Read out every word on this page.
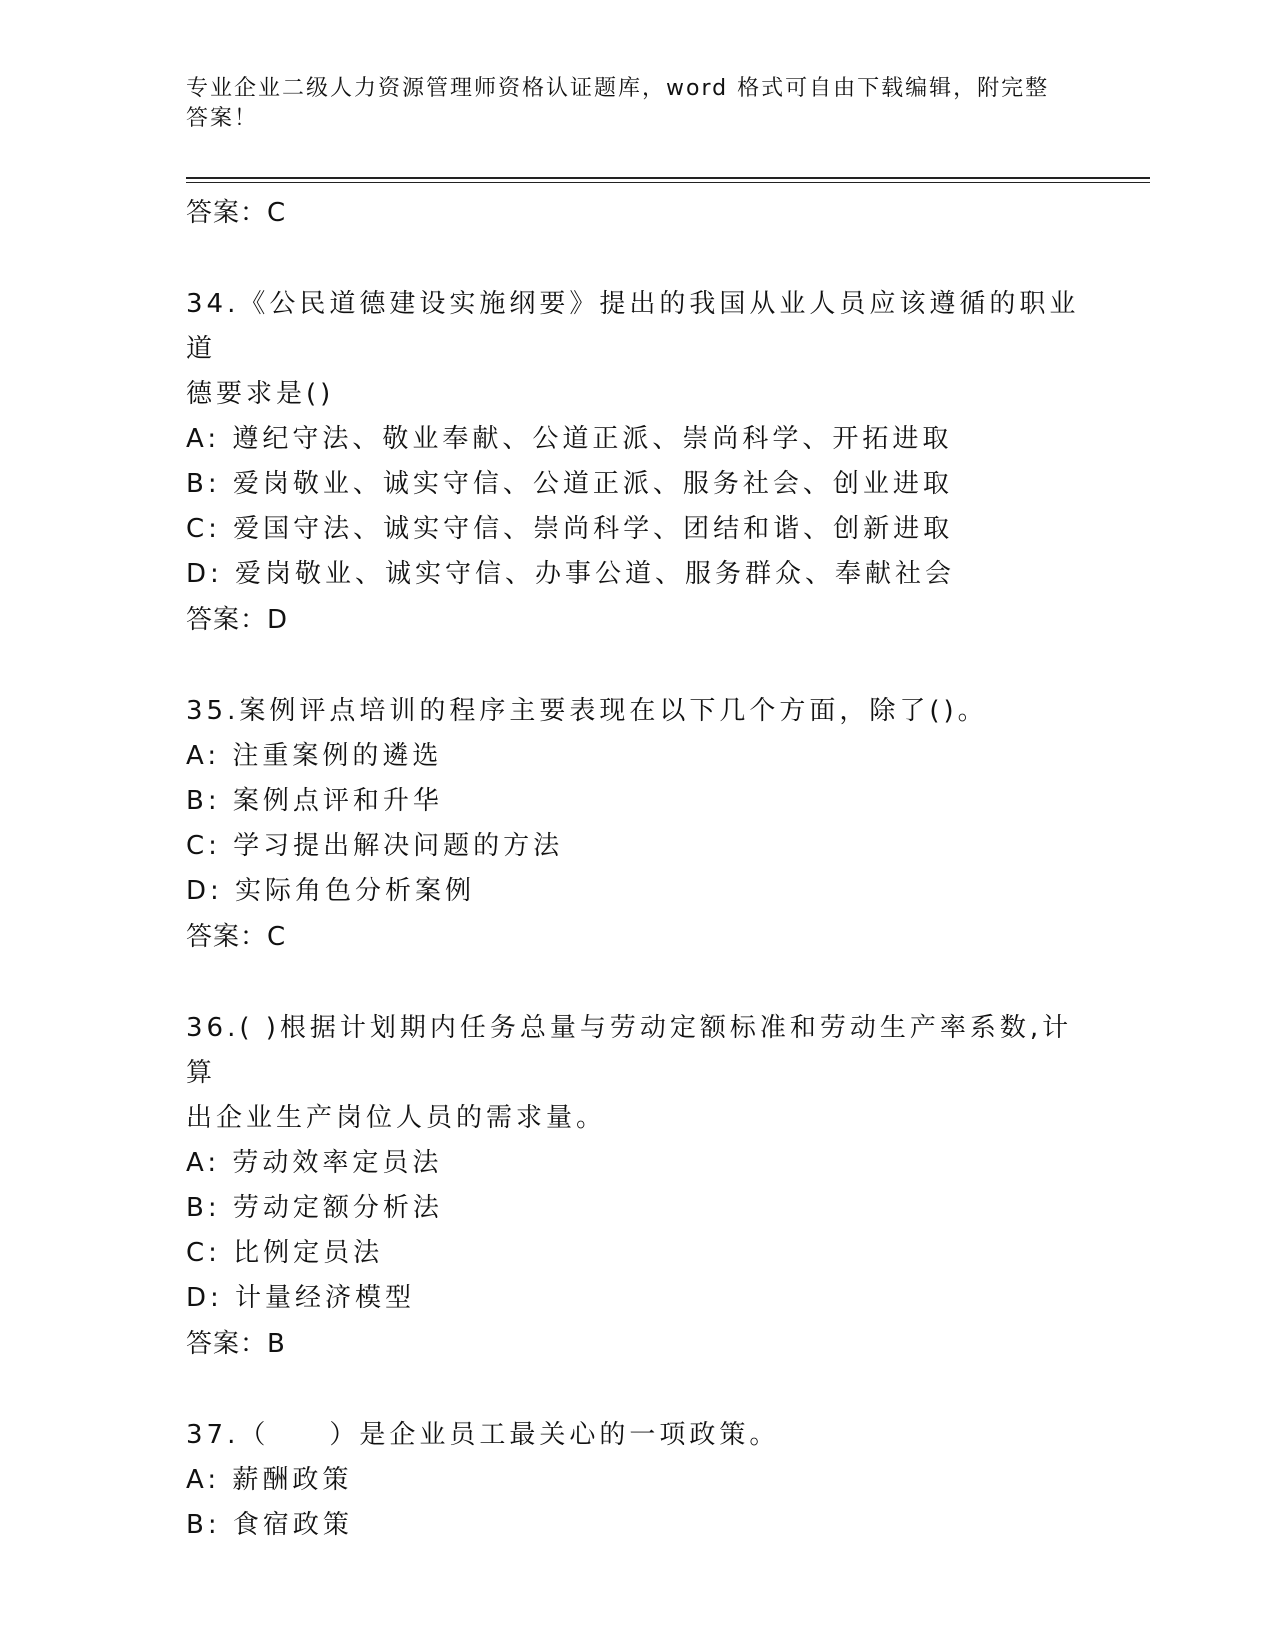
专业企业二级人力资源管理师资格认证题库，word 格式可自由下载编辑，附完整
答案！
答案：C
34.《公民道德建设实施纲要》提出的我国从业人员应该遵循的职业道
德要求是()
A: 遵纪守法、敬业奉献、公道正派、崇尚科学、开拓进取
B: 爱岗敬业、诚实守信、公道正派、服务社会、创业进取
C: 爱国守法、诚实守信、崇尚科学、团结和谐、创新进取
D: 爱岗敬业、诚实守信、办事公道、服务群众、奉献社会
答案：D
35.案例评点培训的程序主要表现在以下几个方面，除了()。
A: 注重案例的遴选
B: 案例点评和升华
C: 学习提出解决问题的方法
D: 实际角色分析案例
答案：C
36.( )根据计划期内任务总量与劳动定额标准和劳动生产率系数,计算
出企业生产岗位人员的需求量。
A: 劳动效率定员法
B: 劳动定额分析法
C: 比例定员法
D: 计量经济模型
答案：B
37.（　　）是企业员工最关心的一项政策。
A: 薪酬政策
B: 食宿政策
